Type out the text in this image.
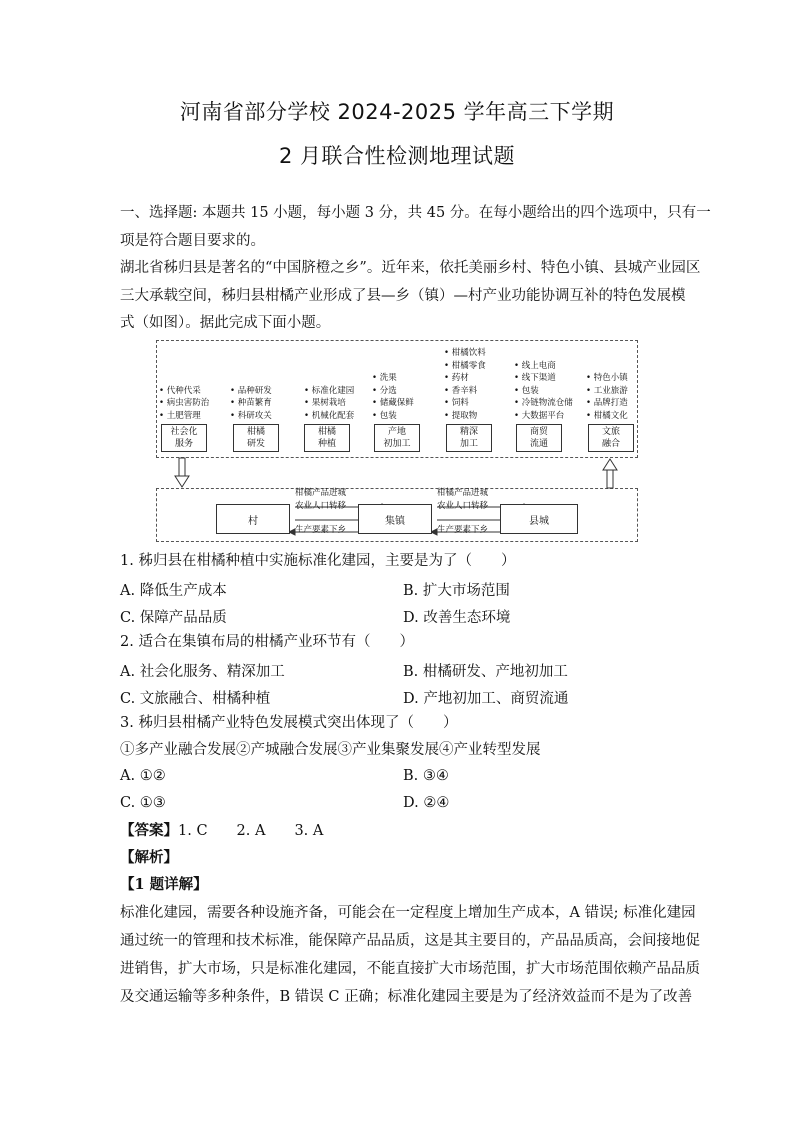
河南省部分学校 2024-2025 学年高三下学期
2 月联合性检测地理试题
一、选择题: 本题共 15 小题，每小题 3 分，共 45 分。在每小题给出的四个选项中，只有一
项是符合题目要求的。
湖北省秭归县是著名的“中国脐橙之乡”。近年来，依托美丽乡村、特色小镇、县城产业园区
三大承载空间，秭归县柑橘产业形成了县—乡（镇）—村产业功能协调互补的特色发展模
式（如图）。据此完成下面小题。
社会化
服务
• 代种代采
• 病虫害防治
• 土肥管理
柑橘
研发
• 品种研发
• 种苗繁育
• 科研攻关
柑橘
种植
• 标准化建园
• 果树栽培
• 机械化配套
产地
初加工
• 洗果
• 分选
• 储藏保鲜
• 包装
精深
加工
• 柑橘饮料
• 柑橘零食
• 药材
• 香辛料
• 饲料
• 提取物
商贸
流通
• 线上电商
• 线下渠道
• 包装
• 冷链物流仓储
• 大数据平台
文旅
融合
• 特色小镇
• 工业旅游
• 品牌打造
• 柑橘文化
村	集镇	县城
柑橘产品进城
农业人口转移
生产要素下乡
柑橘产品进城
农业人口转移
生产要素下乡
1. 秭归县在柑橘种植中实施标准化建园，主要是为了（　　）
A. 降低生产成本	B. 扩大市场范围
C. 保障产品品质	D. 改善生态环境
2. 适合在集镇布局的柑橘产业环节有（　　）
A. 社会化服务、精深加工	B. 柑橘研发、产地初加工
C. 文旅融合、柑橘种植	D. 产地初加工、商贸流通
3. 秭归县柑橘产业特色发展模式突出体现了（　　）
①多产业融合发展②产城融合发展③产业集聚发展④产业转型发展
A. ①②	B. ③④
C. ①③	D. ②④
【答案】1. C　　2. A　　3. A
【解析】
【1 题详解】
标准化建园，需要各种设施齐备，可能会在一定程度上增加生产成本，A 错误; 标准化建园
通过统一的管理和技术标准，能保障产品品质，这是其主要目的，产品品质高，会间接地促
进销售，扩大市场，只是标准化建园，不能直接扩大市场范围，扩大市场范围依赖产品品质
及交通运输等多种条件，B 错误 C 正确；标准化建园主要是为了经济效益而不是为了改善
